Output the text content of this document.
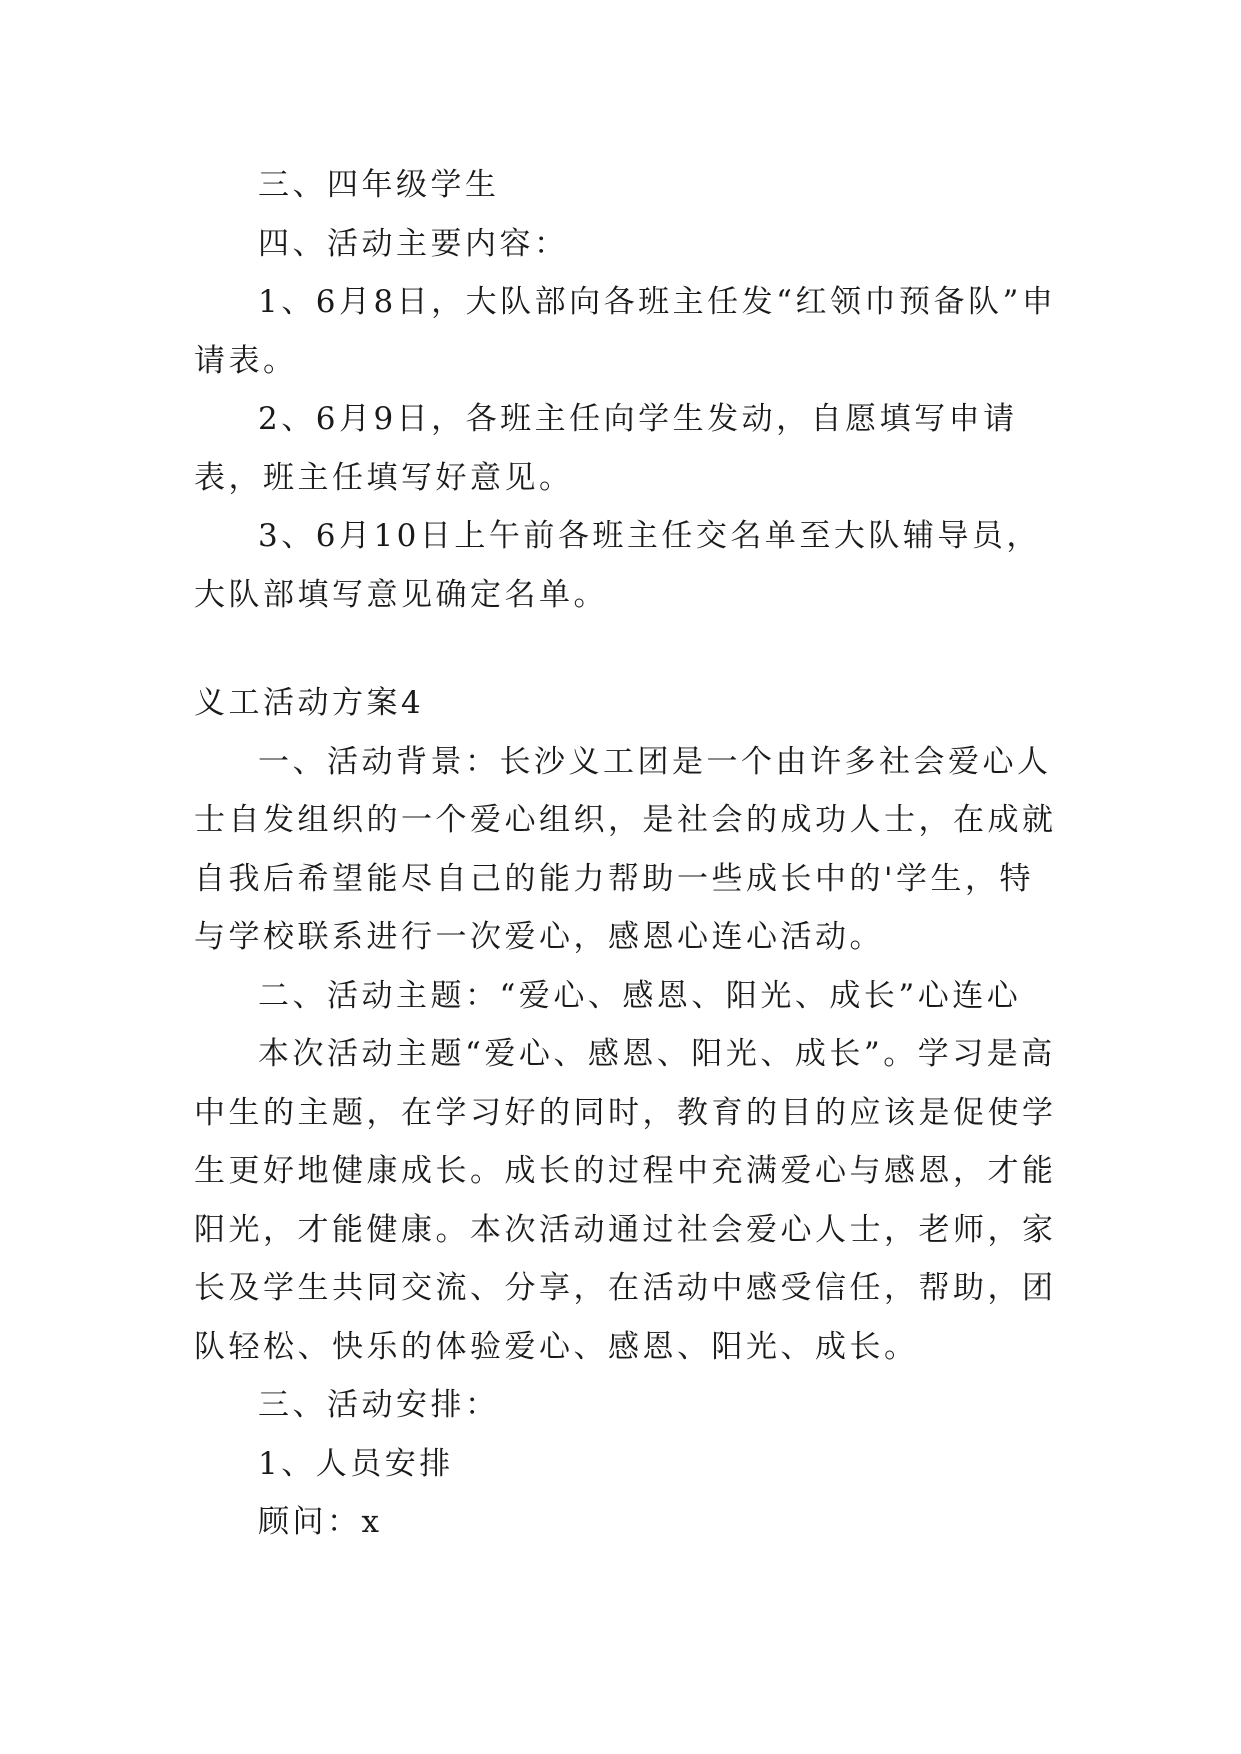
三、四年级学生

四、活动主要内容：

1、6月8日，大队部向各班主任发“红领巾预备队”申请表。

2、6月9日，各班主任向学生发动，自愿填写申请表，班主任填写好意见。

3、6月10日上午前各班主任交名单至大队辅导员，大队部填写意见确定名单。

义工活动方案4

一、活动背景：长沙义工团是一个由许多社会爱心人士自发组织的一个爱心组织，是社会的成功人士，在成就自我后希望能尽自己的能力帮助一些成长中的'学生，特与学校联系进行一次爱心，感恩心连心活动。

二、活动主题：“爱心、感恩、阳光、成长”心连心

本次活动主题“爱心、感恩、阳光、成长”。学习是高中生的主题，在学习好的同时，教育的目的应该是促使学生更好地健康成长。成长的过程中充满爱心与感恩，才能阳光，才能健康。本次活动通过社会爱心人士，老师，家长及学生共同交流、分享，在活动中感受信任，帮助，团队轻松、快乐的体验爱心、感恩、阳光、成长。

三、活动安排：

1、人员安排

顾问：x
